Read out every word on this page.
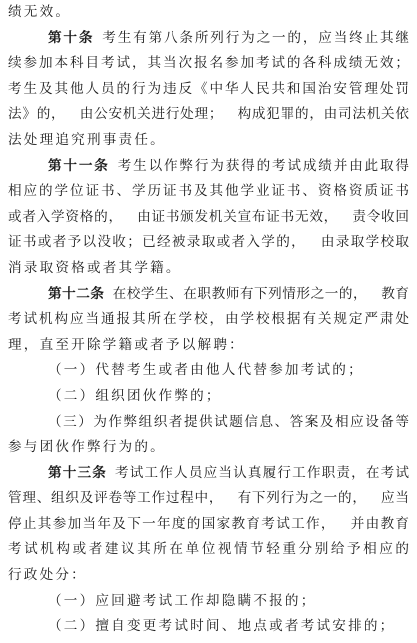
绩无效。
第十条 考生有第八条所列行为之一的，应当终止其继
续参加本科目考试，其当次报名参加考试的各科成绩无效；
考生及其他人员的行为违反《中华人民共和国治安管理处罚
法》的，　由公安机关进行处理；　构成犯罪的，由司法机关依
法处理追究刑事责任。
第十一条 考生以作弊行为获得的考试成绩并由此取得
相应的学位证书、学历证书及其他学业证书、资格资质证书
或者入学资格的，　由证书颁发机关宣布证书无效，　责令收回
证书或者予以没收；已经被录取或者入学的，　由录取学校取
消录取资格或者其学籍。
第十二条 在校学生、在职教师有下列情形之一的，　教育
考试机构应当通报其所在学校，由学校根据有关规定严肃处
理，直至开除学籍或者予以解聘：
（一）代替考生或者由他人代替参加考试的；
（二）组织团伙作弊的；
（三）为作弊组织者提供试题信息、答案及相应设备等
参与团伙作弊行为的。
第十三条 考试工作人员应当认真履行工作职责，在考试
管理、组织及评卷等工作过程中，　有下列行为之一的，　应当
停止其参加当年及下一年度的国家教育考试工作，　并由教育
考试机构或者建议其所在单位视情节轻重分别给予相应的
行政处分：
（一）应回避考试工作却隐瞒不报的；
（二）擅自变更考试时间、地点或者考试安排的；
